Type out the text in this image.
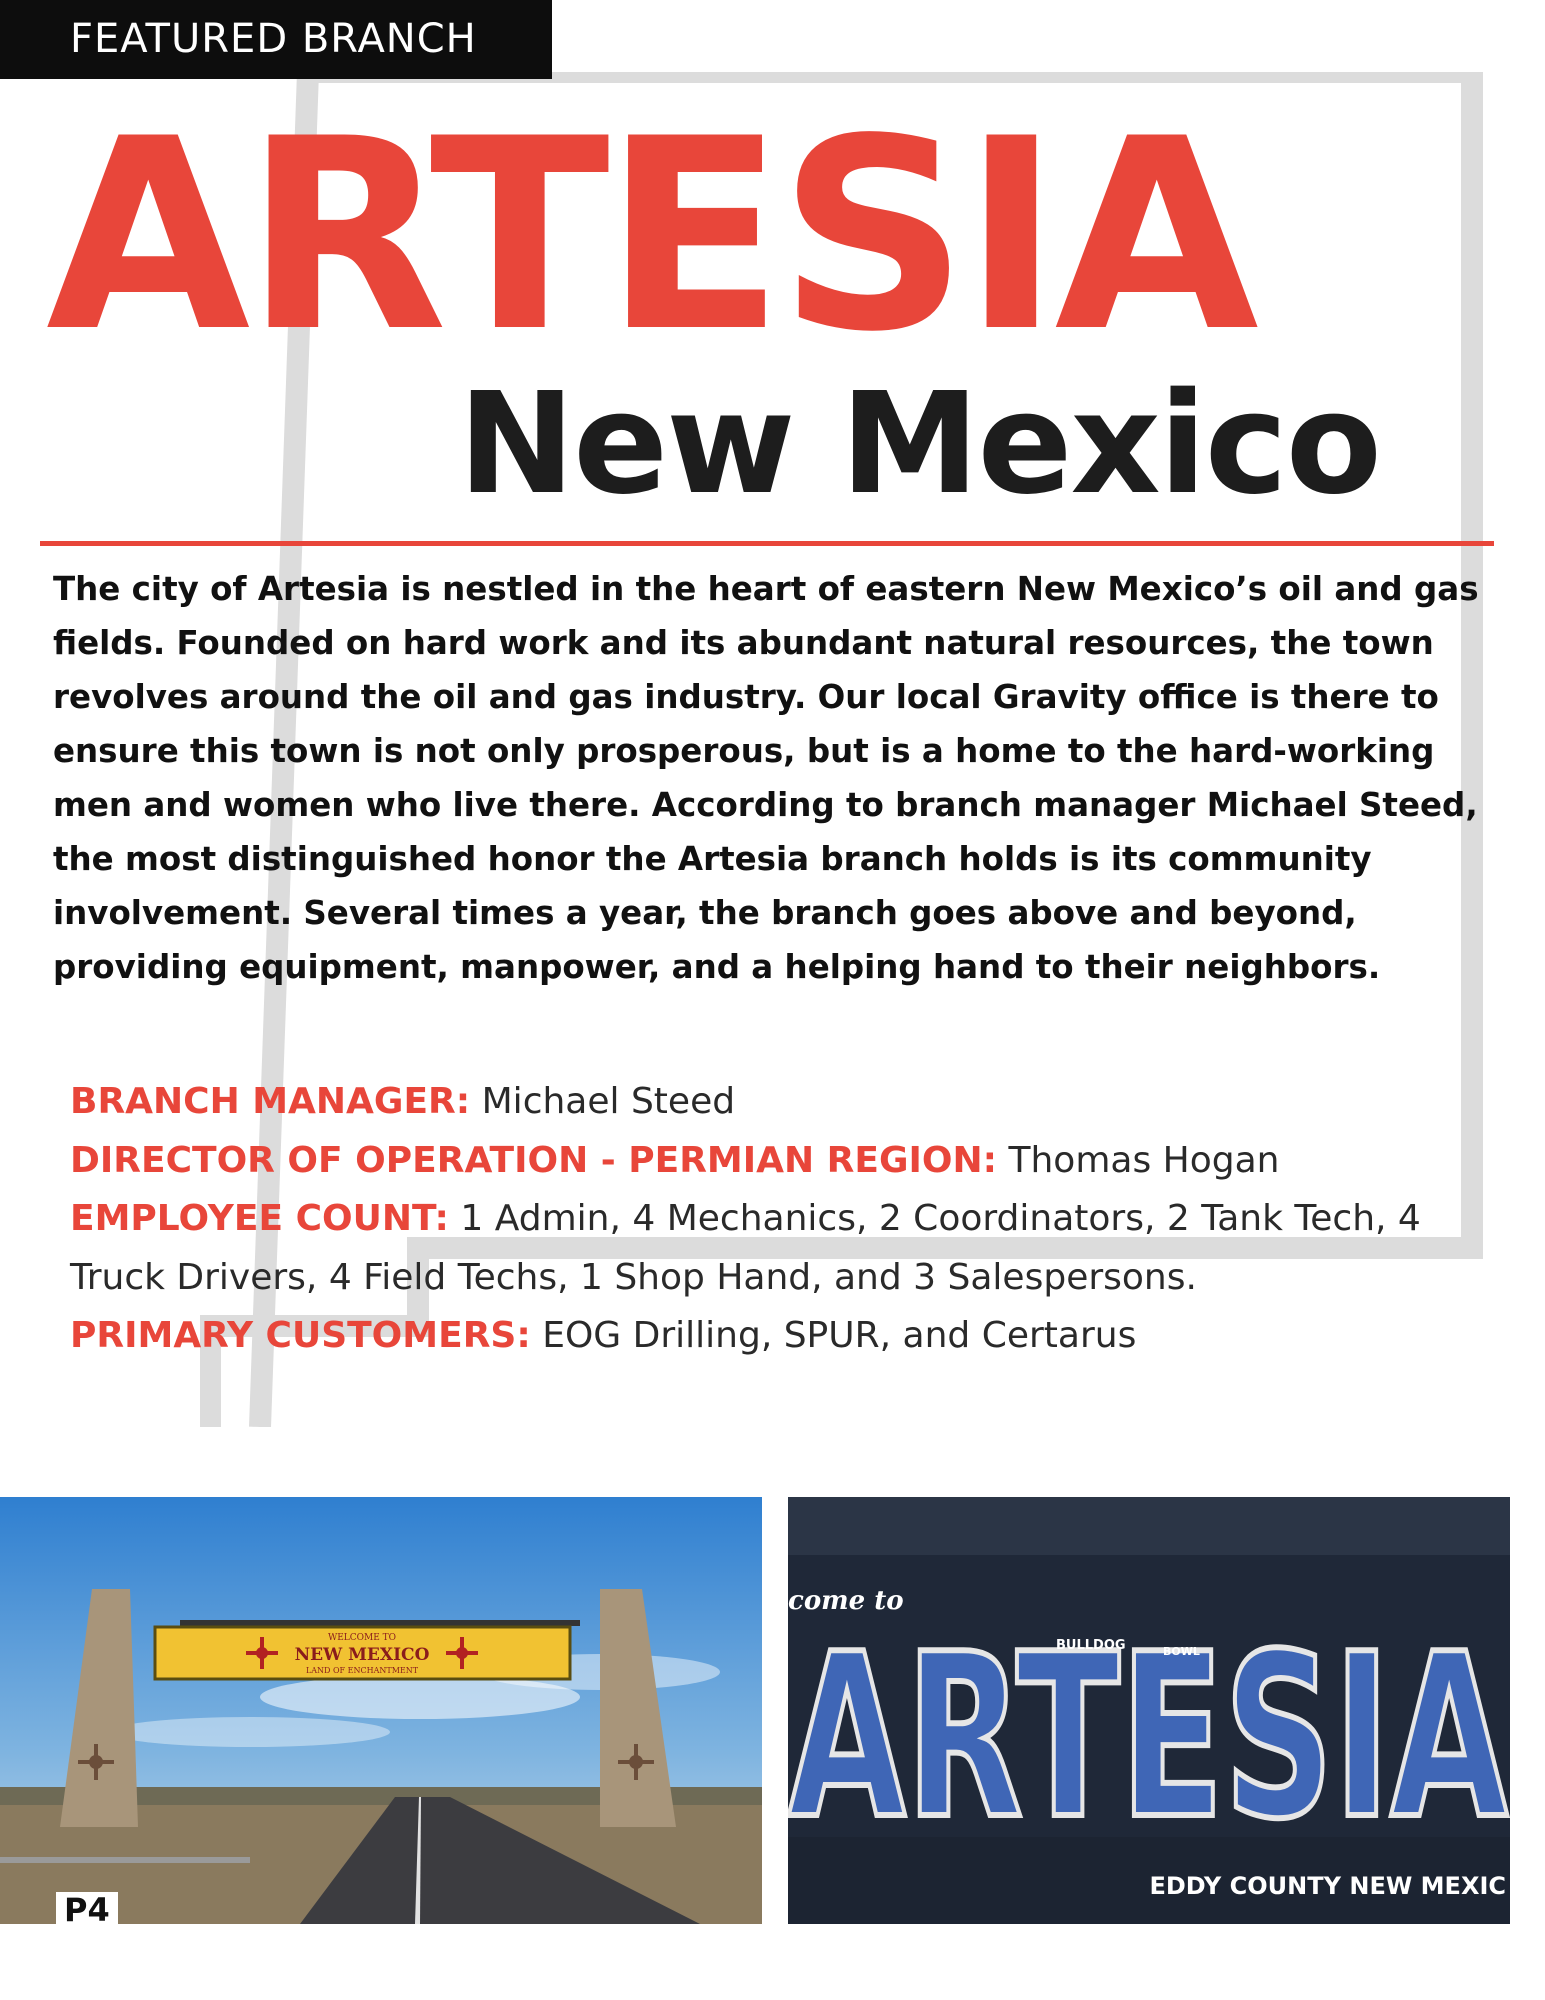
FEATURED BRANCH
ARTESIA
New Mexico

The city of Artesia is nestled in the heart of eastern New Mexico’s oil and gas fields. Founded on hard work and its abundant natural resources, the town revolves around the oil and gas industry. Our local Gravity office is there to ensure this town is not only prosperous, but is a home to the hard-working men and women who live there. According to branch manager Michael Steed, the most distinguished honor the Artesia branch holds is its community involvement. Several times a year, the branch goes above and beyond, providing equipment, manpower, and a helping hand to their neighbors.

BRANCH MANAGER: Michael Steed

DIRECTOR OF OPERATION - PERMIAN REGION: Thomas Hogan

EMPLOYEE COUNT: 1 Admin, 4 Mechanics, 2 Coordinators, 2 Tank Tech, 4 Truck Drivers, 4 Field Techs, 1 Shop Hand, and 3 Salespersons.

PRIMARY CUSTOMERS: EOG Drilling, SPUR, and Certarus

WELCOME TO
NEW MEXICO
LAND OF ENCHANTMENT
come to
ARTESIA
BULLDOG	BOWL
EDDY COUNTY NEW MEXIC
P4
